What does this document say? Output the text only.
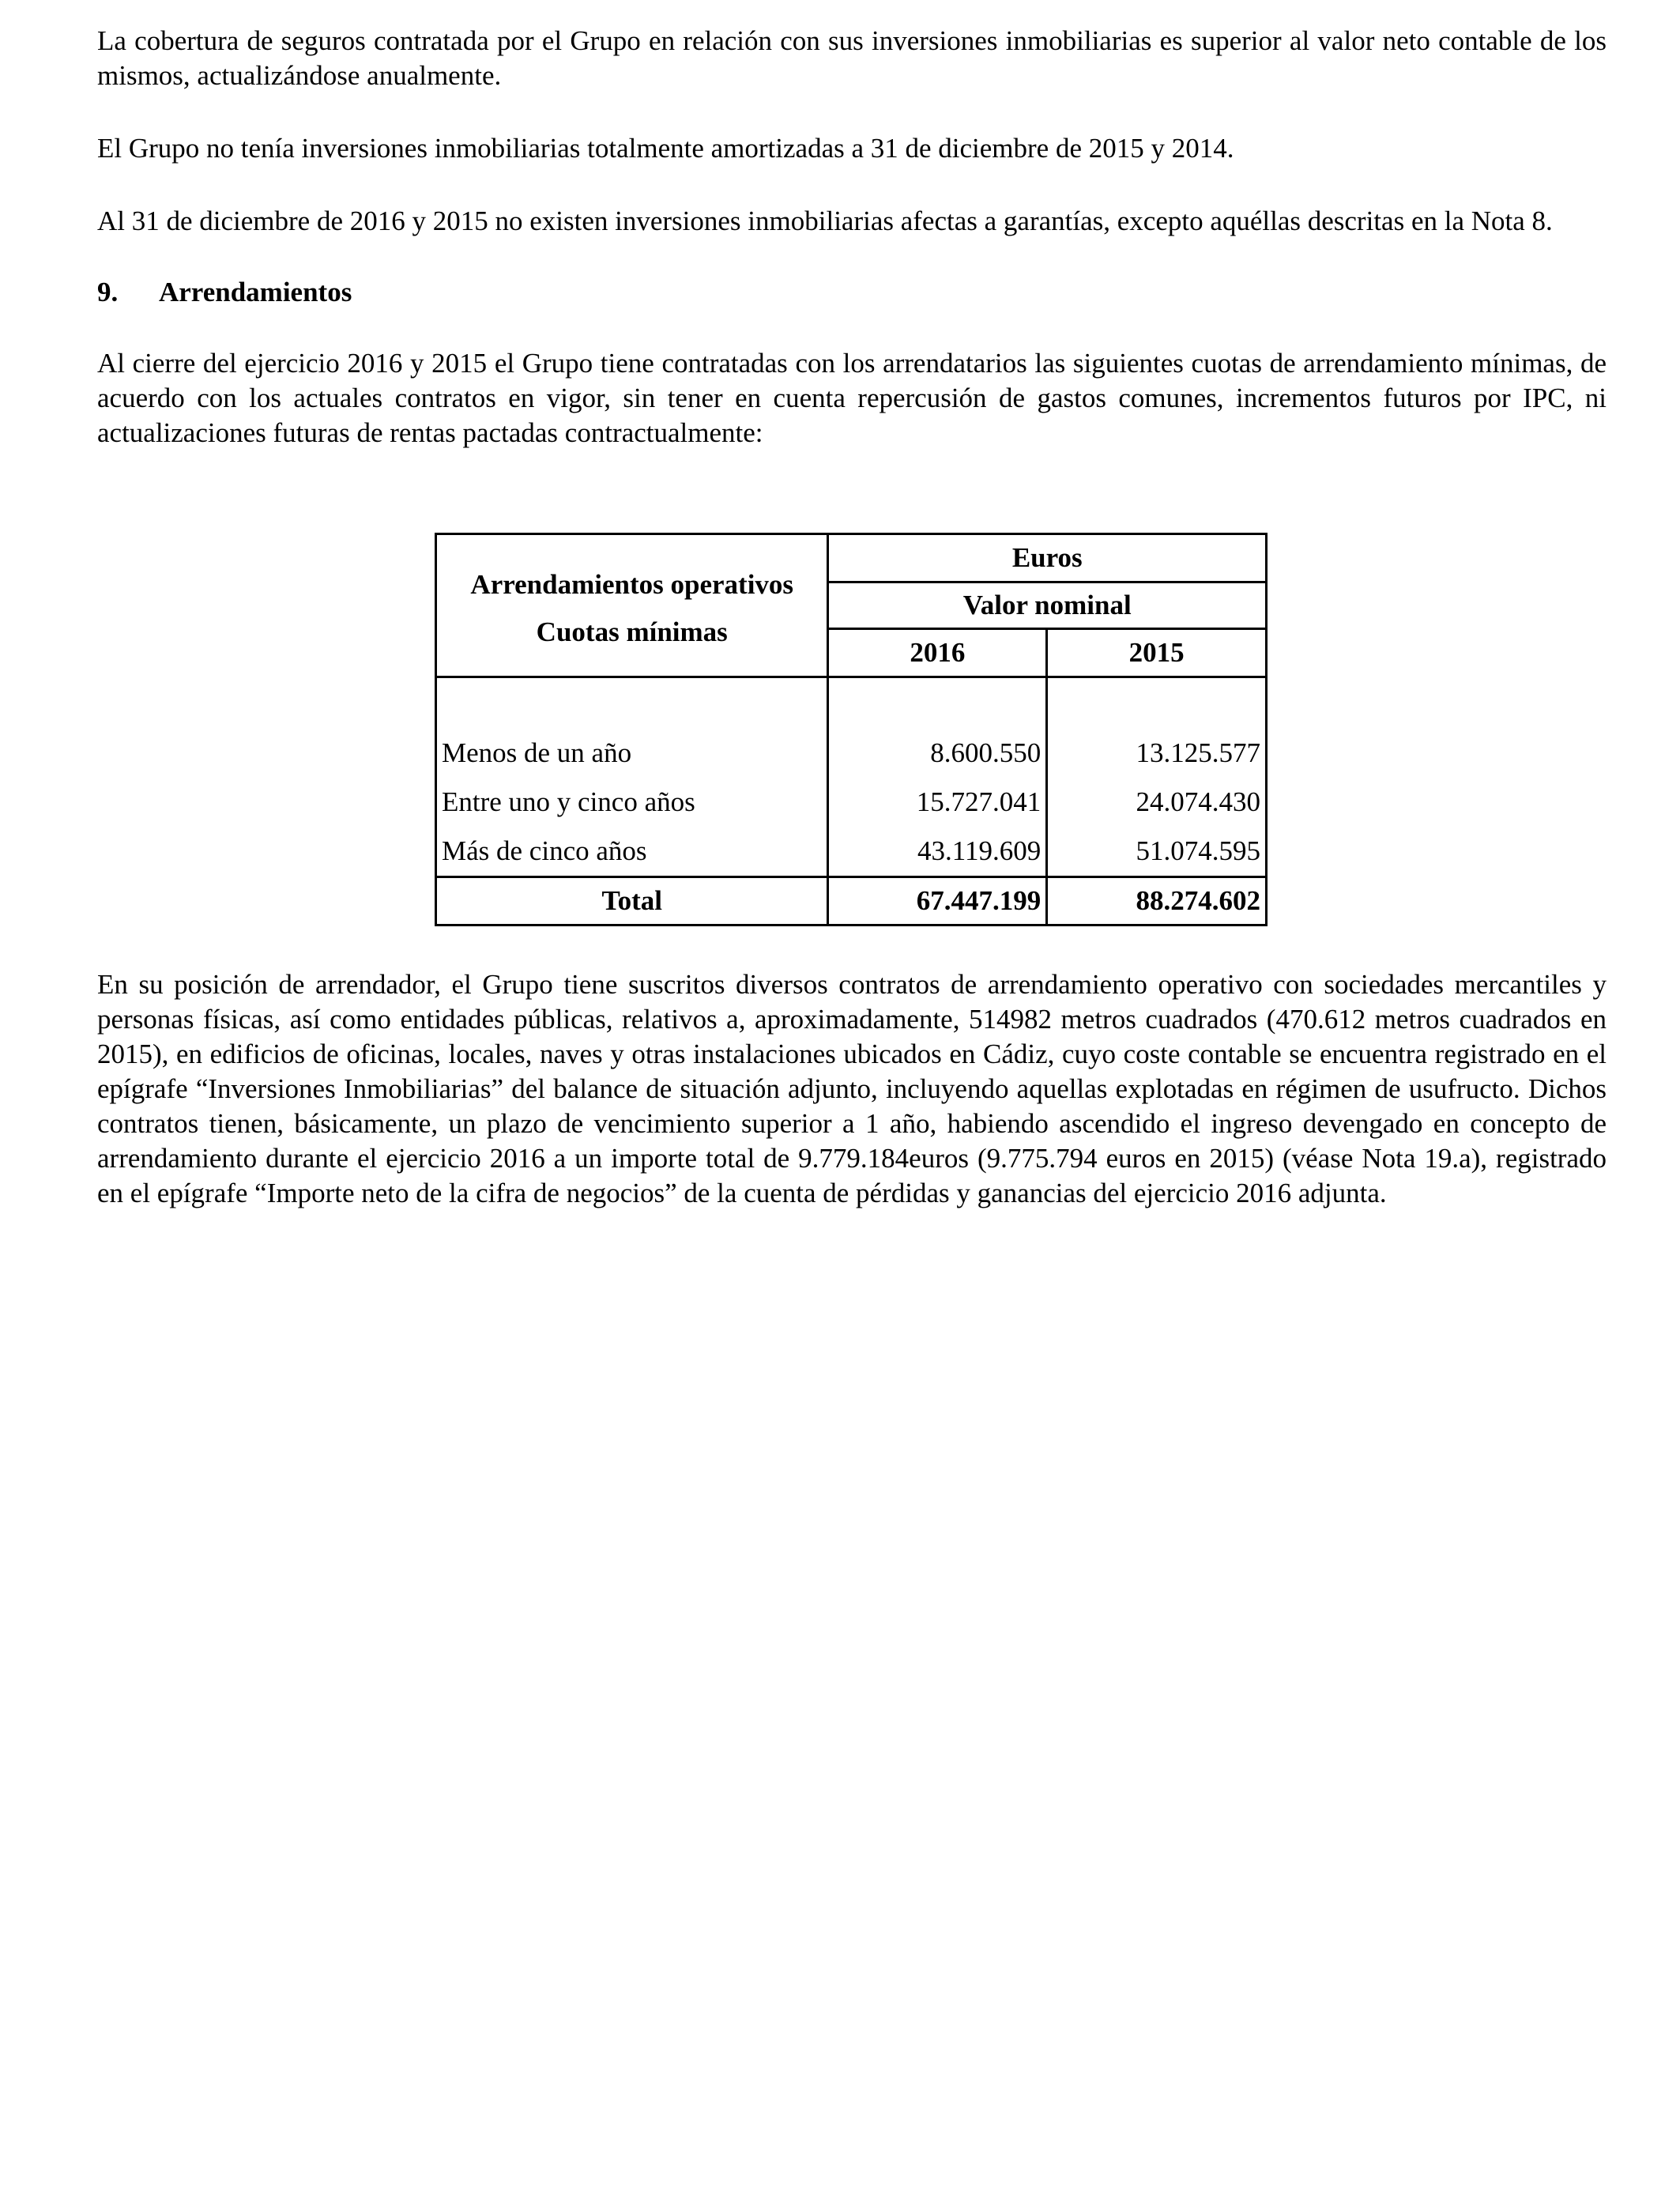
La cobertura de seguros contratada por el Grupo en relación con sus inversiones inmobiliarias es superior al valor neto contable de los mismos, actualizándose anualmente.

El Grupo no tenía inversiones inmobiliarias totalmente amortizadas a 31 de diciembre de 2015 y 2014.

Al 31 de diciembre de 2016 y 2015 no existen inversiones inmobiliarias afectas a garantías, excepto aquéllas descritas en la Nota 8.

9.	Arrendamientos

Al cierre del ejercicio 2016 y 2015 el Grupo tiene contratadas con los arrendatarios las siguientes cuotas de arrendamiento mínimas, de acuerdo con los actuales contratos en vigor, sin tener en cuenta repercusión de gastos comunes, incrementos futuros por IPC, ni actualizaciones futuras de rentas pactadas contractualmente:

Arrendamientos operativos
Cuotas mínimas	Euros	
	Valor nominal	
	2016	2015

Menos de un año	8.600.550	13.125.577
Entre uno y cinco años	15.727.041	24.074.430
Más de cinco años	43.119.609	51.074.595
Total	67.447.199	88.274.602

En su posición de arrendador, el Grupo tiene suscritos diversos contratos de arrendamiento operativo con sociedades mercantiles y personas físicas, así como entidades públicas, relativos a, aproximadamente, 514982 metros cuadrados (470.612 metros cuadrados en 2015), en edificios de oficinas, locales, naves y otras instalaciones ubicados en Cádiz, cuyo coste contable se encuentra registrado en el epígrafe “Inversiones Inmobiliarias” del balance de situación adjunto, incluyendo aquellas explotadas en régimen de usufructo. Dichos contratos tienen, básicamente, un plazo de vencimiento superior a 1 año, habiendo ascendido el ingreso devengado en concepto de arrendamiento durante el ejercicio 2016 a un importe total de 9.779.184euros (9.775.794 euros en 2015) (véase Nota 19.a), registrado en el epígrafe “Importe neto de la cifra de negocios” de la cuenta de pérdidas y ganancias del ejercicio 2016 adjunta.
